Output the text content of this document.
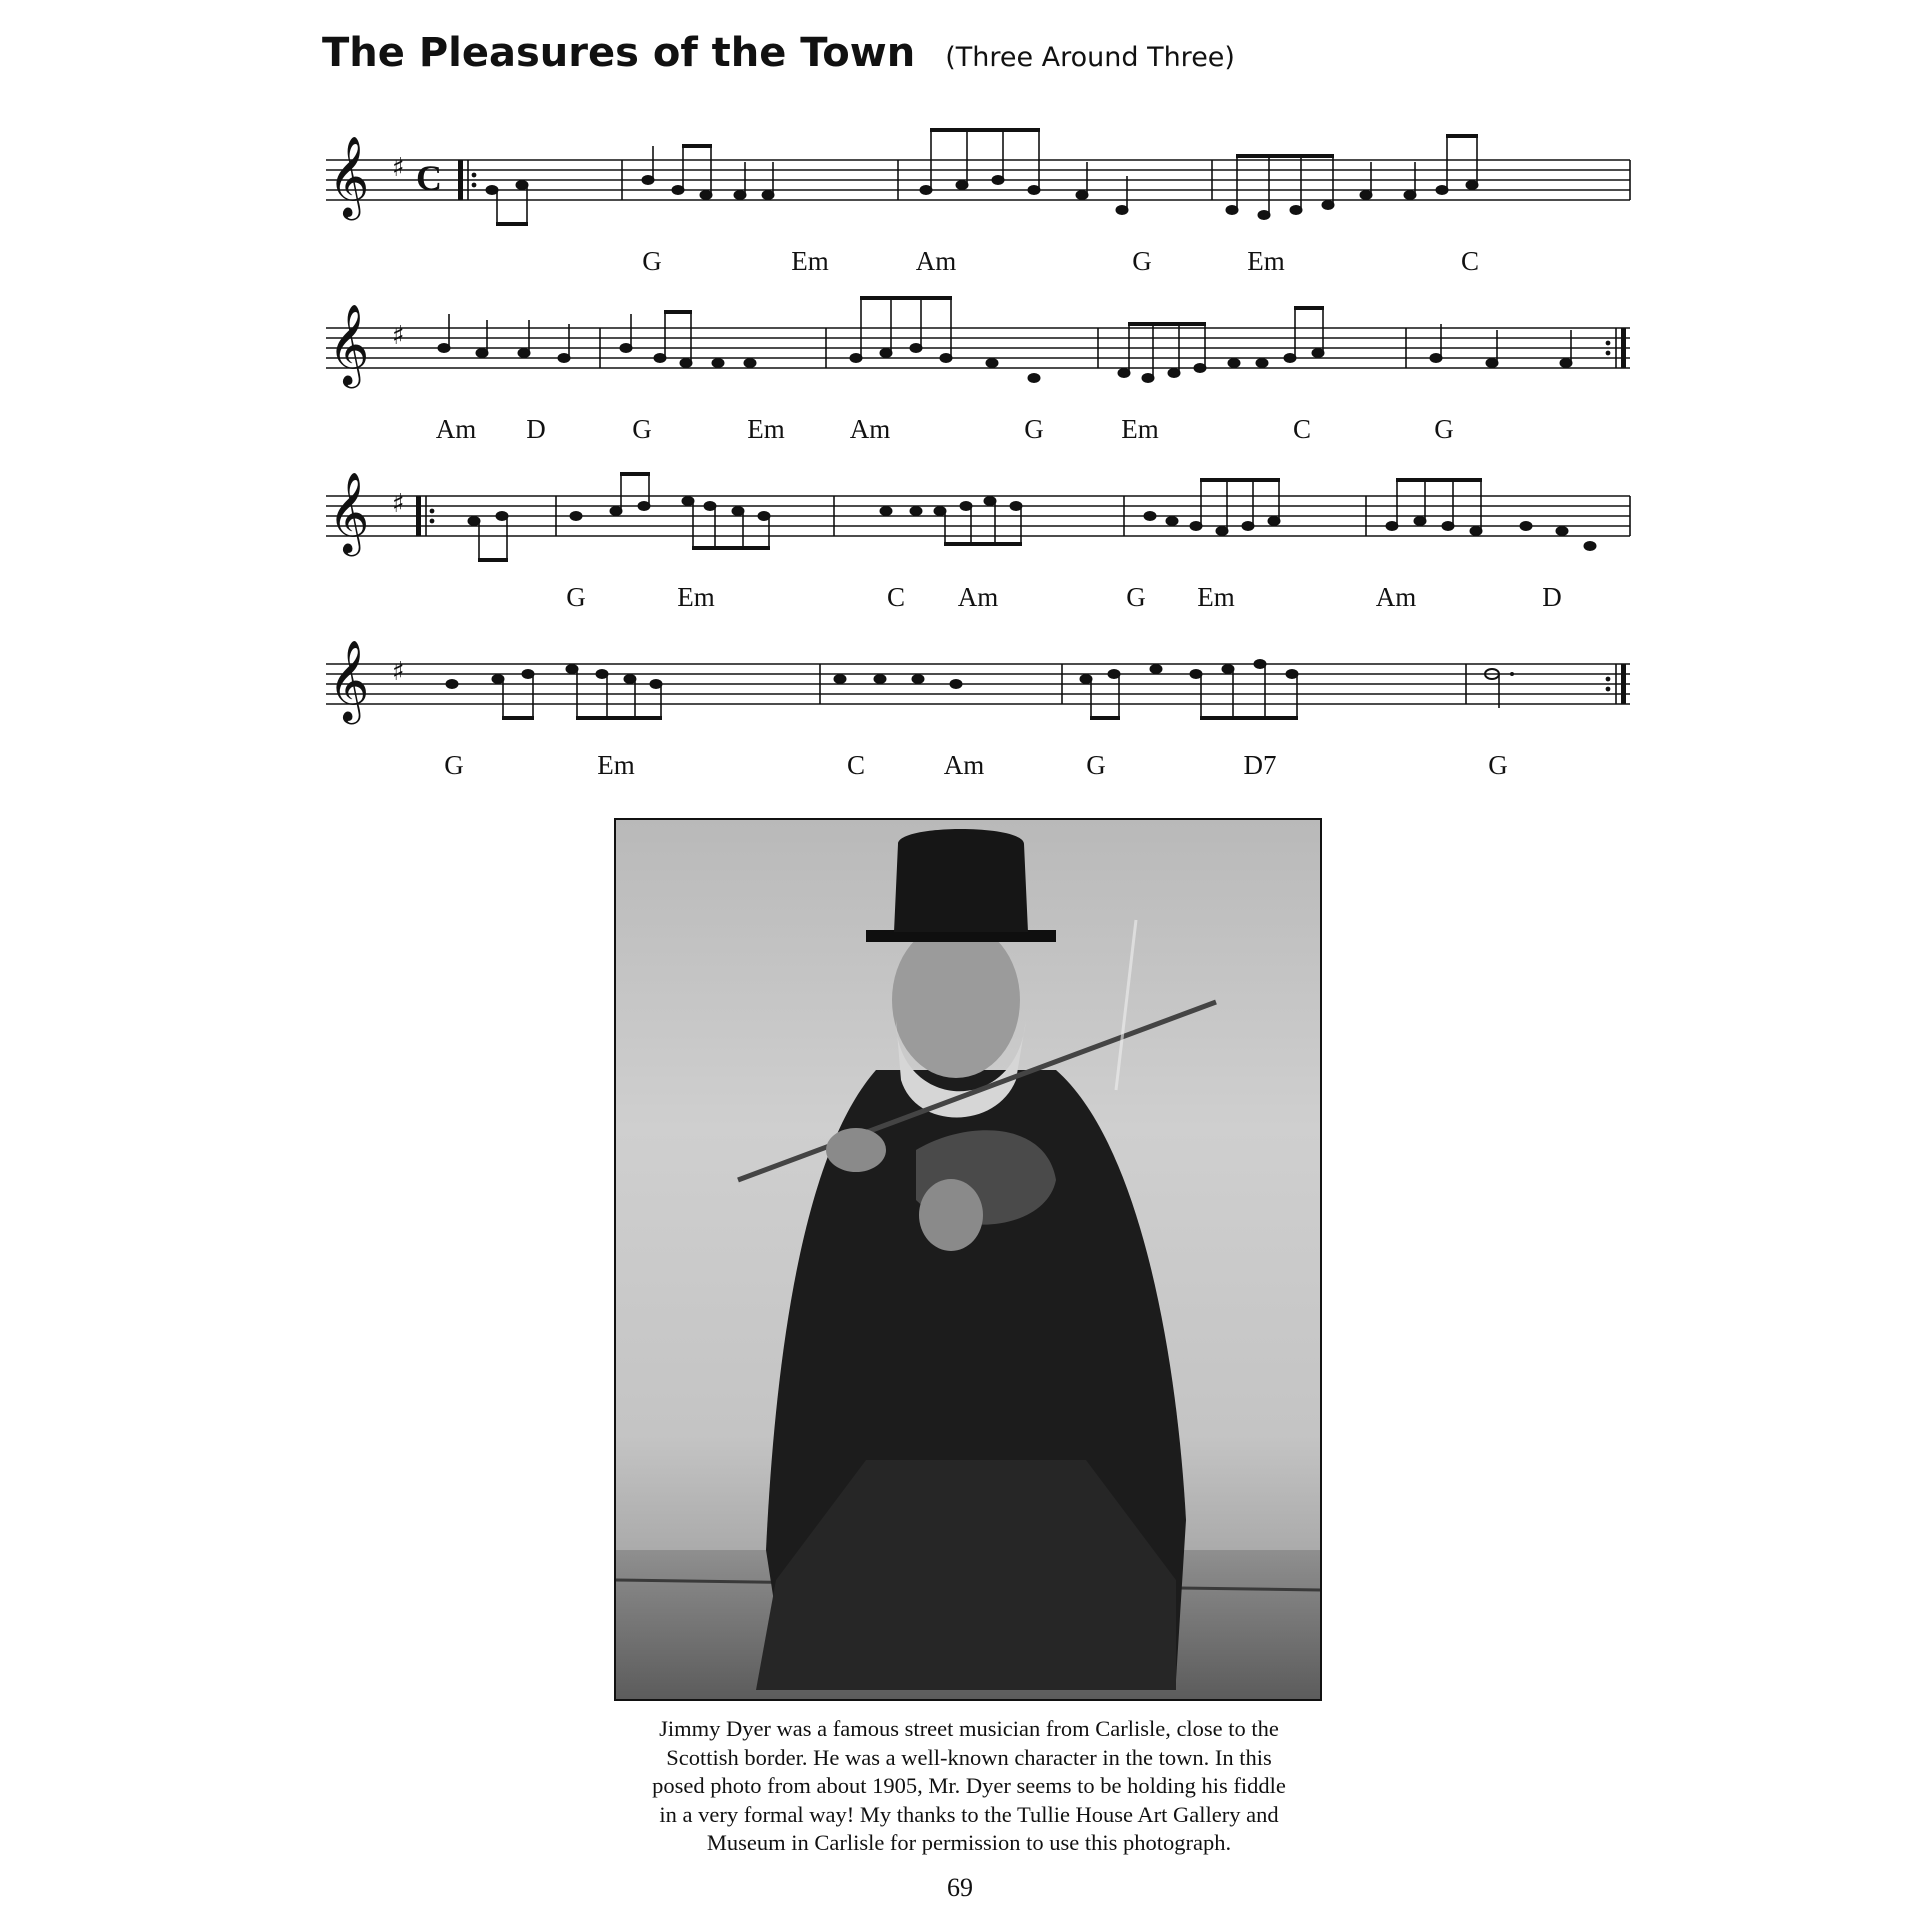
The Pleasures of the Town (Three Around Three)
𝄞 ♯ C
G	Em	Am	G	Em	C
𝄞 ♯
Am D	G	Em Am	G	Em	C	G
𝄞 ♯
G	Em	C Am	G Em	Am	D
𝄞 ♯
G	Em	C	Am	G	D7	G
Jimmy Dyer was a famous street musician from Carlisle, close to the
Scottish border. He was a well-known character in the town. In this
posed photo from about 1905, Mr. Dyer seems to be holding his fiddle
in a very formal way! My thanks to the Tullie House Art Gallery and
Museum in Carlisle for permission to use this photograph.
69
